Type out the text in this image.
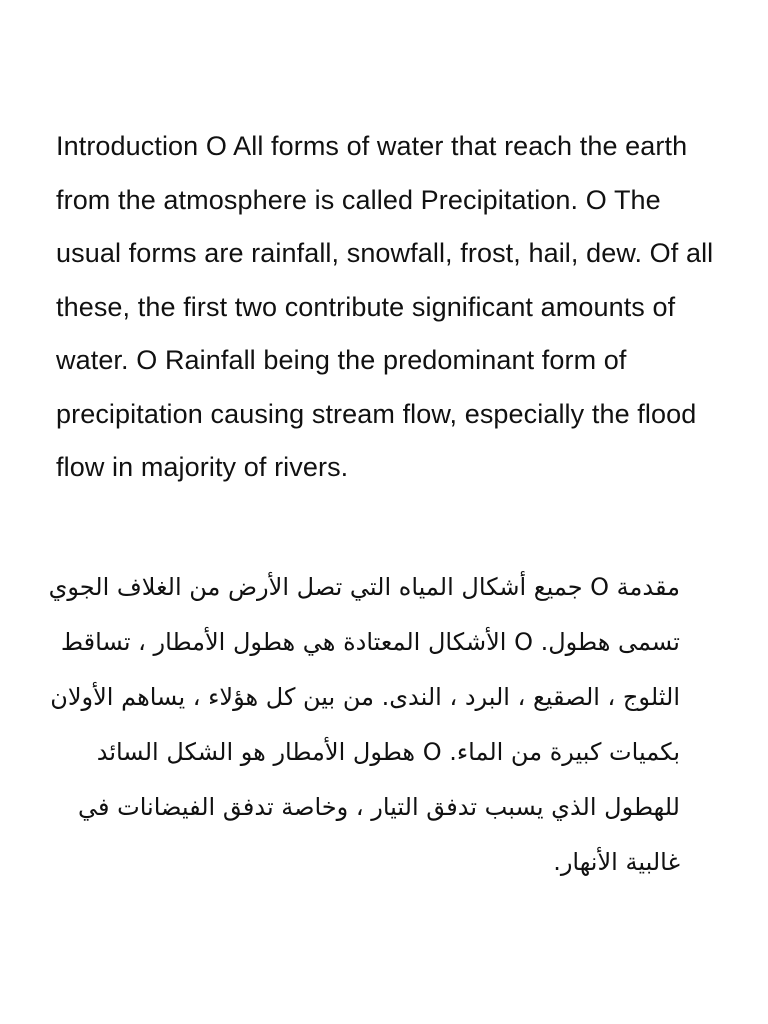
Introduction O All forms of water that reach the earth from the atmosphere is called Precipitation. O The usual forms are rainfall, snowfall, frost, hail, dew. Of all these, the first two contribute significant amounts of water. O Rainfall being the predominant form of precipitation causing stream flow, especially the flood flow in majority of rivers.

مقدمة O جميع أشكال المياه التي تصل الأرض من الغلاف الجوي تسمى هطول. O الأشكال المعتادة هي هطول الأمطار ، تساقط الثلوج ، الصقيع ، البرد ، الندى. من بين كل هؤلاء ، يساهم الأولان بكميات كبيرة من الماء. O هطول الأمطار هو الشكل السائد للهطول الذي يسبب تدفق التيار ، وخاصة تدفق الفيضانات في غالبية الأنهار.
